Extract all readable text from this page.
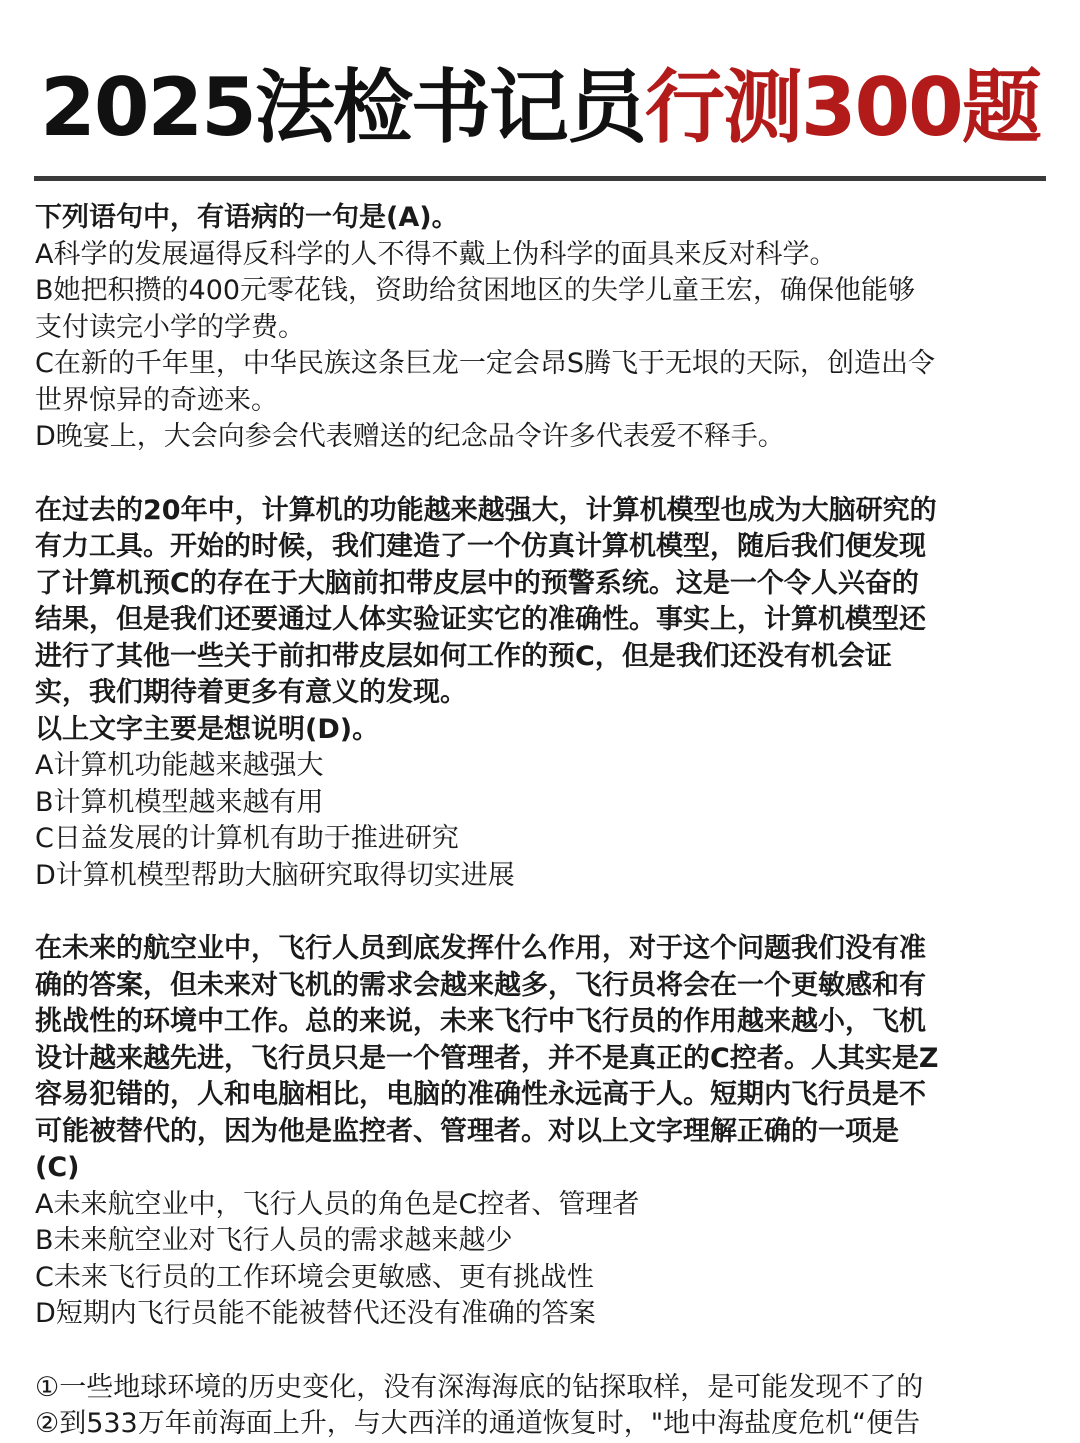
2025法检书记员行测300题
下列语句中，有语病的一句是(A)。
A科学的发展逼得反科学的人不得不戴上伪科学的面具来反对科学。
B她把积攒的400元零花钱，资助给贫困地区的失学儿童王宏，确保他能够
支付读完小学的学费。
C在新的千年里，中华民族这条巨龙一定会昂S腾飞于无垠的天际，创造出令
世界惊异的奇迹来。
D晚宴上，大会向参会代表赠送的纪念品令许多代表爱不释手。
在过去的20年中，计算机的功能越来越强大，计算机模型也成为大脑研究的
有力工具。开始的时候，我们建造了一个仿真计算机模型，随后我们便发现
了计算机预C的存在于大脑前扣带皮层中的预警系统。这是一个令人兴奋的
结果，但是我们还要通过人体实验证实它的准确性。事实上，计算机模型还
进行了其他一些关于前扣带皮层如何工作的预C，但是我们还没有机会证
实，我们期待着更多有意义的发现。
以上文字主要是想说明(D)。
A计算机功能越来越强大
B计算机模型越来越有用
C日益发展的计算机有助于推进研究
D计算机模型帮助大脑研究取得切实进展
在未来的航空业中，飞行人员到底发挥什么作用，对于这个问题我们没有准
确的答案，但未来对飞机的需求会越来越多，飞行员将会在一个更敏感和有
挑战性的环境中工作。总的来说，未来飞行中飞行员的作用越来越小，飞机
设计越来越先进，飞行员只是一个管理者，并不是真正的C控者。人其实是Z
容易犯错的，人和电脑相比，电脑的准确性永远高于人。短期内飞行员是不
可能被替代的，因为他是监控者、管理者。对以上文字理解正确的一项是
(C)
A未来航空业中，飞行人员的角色是C控者、管理者
B未来航空业对飞行人员的需求越来越少
C未来飞行员的工作环境会更敏感、更有挑战性
D短期内飞行员能不能被替代还没有准确的答案
①一些地球环境的历史变化，没有深海海底的钻探取样，是可能发现不了的
②到533万年前海面上升，与大西洋的通道恢复时，"地中海盐度危机“便告
